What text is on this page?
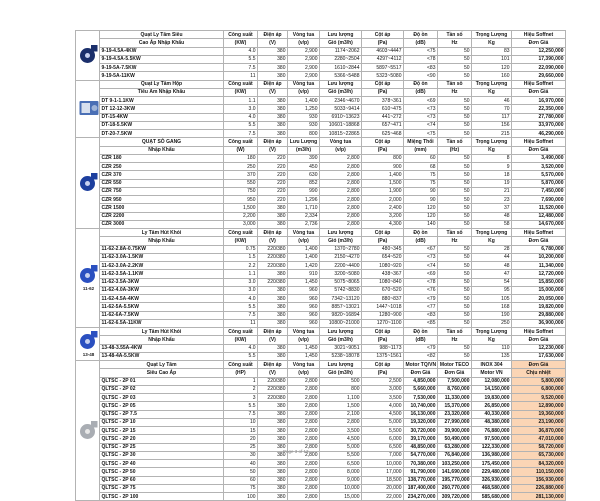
	Quạt Ly Tâm Siêu	Công suất	Điện áp	Vòng tua	Lưu lượng	Cột áp	Độ ồn	Tần số	Trọng Lượng	Hiệu Soffnet
	Cao Áp Nhập Khẩu	(KW)	(V)	(v/p)	Gió (m3/h)	(Pa)	(dB)	Hz	Kg	Đơn Giá
	9-19-4.5A-4KW	4.0	380	2,900	1174~2062	4603~4447	<75	50	83	12,250,000
	9-19-4.5A-5.5KW	5.5	380	2,900	2280~2504	4297~4112	<78	50	101	17,390,000
	9-19-5A-7.5KW	7.5	380	2,900	1610~2844	5897~5517	<83	50	120	22,090,000
	9-19-5A-11KW	11	380	2,900	5366~5488	5323~5080	<90	50	160	29,660,000
	Quạt Ly Tâm Hộp	Công suất	Điện áp	Vòng tua	Lưu lượng	Cột áp	Độ ồn	Tần số	Trọng Lượng	Hiệu Soffnet
	Tiêu Âm Nhập Khẩu	(KW)	(V)	(v/p)	Gió (m3/h)	(Pa)	(dB)	Hz	Kg	Đơn Giá
	DT 9-1-1.1KW	1.1	380	1,400	2346~4670	378~361	<69	50	46	16,970,000
	DT 12-12-3KW	3.0	380	1,250	5033~9414	610~475	<73	50	70	22,350,000
	DT-15-4KW	4.0	380	930	6910~13623	441~272	<73	50	117	27,780,000
	DT-18-5.5KW	5.5	380	930	10601~18868	657~471	<74	50	156	33,970,000
	DT-20-7.5KW	7.5	380	800	10815~22865	625~468	<75	50	215	46,290,000
	QUẠT SÒ GANG	Công suất	Điện áp	Lưu Lượng	Vòng tua	Cột áp	Miệng Thổi	Tần số	Trọng Lượng	Hiệu Soffnet
	Nhập Khẩu	(W)	(V)	(m3/h)	(v/p)	(Pa)	(mm)	(Hz)	Kg	Đơn Giá
	CZR 180	180	220	390	2,800	800	60	50	8	3,490,000
	CZR 250	250	220	450	2,800	900	68	50	9	3,520,000
	CZR 370	370	220	630	2,800	1,400	75	50	18	5,570,000
	CZR 550	550	220	852	2,800	1,500	75	50	19	5,870,000
	CZR 750	750	220	990	2,800	1,900	90	50	21	7,450,000
	CZR 950	950	220	1,296	2,800	2,000	90	50	23	7,690,000
	CZR 1500	1,500	380	1,710	2,800	2,400	120	50	37	11,520,000
	CZR 2200	2,200	380	2,334	2,800	3,200	120	50	48	12,480,000
	CZR 3000	3,000	380	2,736	2,800	4,300	140	50	58	14,670,000

11-62	Ly Tâm Hút Khói	Công suất	Điện áp	Vòng tua	Lưu lượng	Cột áp	Độ ồn	Tần số	Trọng Lượng	Hiệu Soffnet
	Nhập Khẩu	(KW)	(V)	(v/p)	Gió (m3/h)	(Pa)	(dB)	Hz	Kg	Đơn Giá
	11-62-2.8A-0.75KW	0.75	220/380	1,400	1370~2780	480~345	<67	50	28	6,780,000
	11-62-3.0A-1.5KW	1.5	220/380	1,400	2150~4270	654~520	<73	50	44	10,200,000
	11-62-3.0A-2.2KW	2.2	220/380	1,420	2200~4400	1080~920	<74	50	48	11,340,000
	11-62-3.5A-1.1KW	1.1	380	910	3200~5080	438~367	<69	50	47	12,720,000
	11-62-3.5A-3KW	3.0	220/380	1,450	5075~8065	1080~840	<78	50	54	15,850,000
	11-62-4.0A-3KW	3.0	380	960	5742~8830	670~520	<76	50	95	15,000,000
	11-62-4.5A-4KW	4.0	380	960	7342~13120	880~837	<79	50	105	20,050,000
	11-62-5A-5.5KW	5.5	380	960	8857~13021	1447~1018	<77	50	168	19,820,000
	11-62-6A-7.5KW	7.5	380	960	9820~16894	1280~900	<83	50	190	29,880,000
	11-62-6.5A-11KW	11	380	960	10800~21000	1270~1100	<85	50	250	36,900,000

13-48	Ly Tâm Hút Khói	Công suất	Điện áp	Vòng tua	Lưu lượng	Cột áp	Độ ồn	Tần số	Trọng Lượng	Hiệu Soffnet
	Nhập Khẩu	(KW)	(V)	(v/p)	Gió (m3/h)	(Pa)	(dB)	Hz	Kg	Đơn Giá
	13-48-3.55A-4KW	4.0	380	1,450	3021~9051	988~1173	<79	50	110	12,230,000
	13-48-4A-5.5KW	5.5	380	1,450	5238~18078	1375~1561	<82	50	135	17,630,000
	Quạt Ly Tâm	Công suất	Điện áp	Vòng tua	Lưu lượng	Cột áp	Motor TQ/VN	Motor TECO	INOX 304	Đơn Giá
	Siêu Cao Áp	(HP)	(V)	(v/p)	Gió (m3/h)	(Pa)	Đơn Giá	Đơn Giá	Motor VN	Chịu nhiệt
	QLTSC - 2P 01	1	220/380	2,800	500	2,500	4,850,000	7,500,000	12,080,000	5,800,000
	QLTSC - 2P 02	2	220/380	2,800	800	3,000	5,660,000	8,760,000	14,150,000	6,800,000
	QLTSC - 2P 03	3	220/380	2,800	1,100	3,500	7,530,000	11,330,000	19,830,000	9,520,000
	QLTSC - 2P 05	5.5	380	2,800	1,500	4,000	10,740,000	15,370,000	26,850,000	12,890,000
	QLTSC - 2P 7.5	7.5	380	2,800	2,100	4,500	16,130,000	23,320,000	40,330,000	19,360,000
	QLTSC - 2P 10	10	380	2,800	2,800	5,000	19,320,000	27,990,000	48,380,000	23,190,000
	QLTSC - 2P 15	15	380	2,800	3,500	5,500	30,720,000	39,900,000	76,880,000	36,870,000
	QLTSC - 2P 20	20	380	2,800	4,500	6,000	39,170,000	50,490,000	97,500,000	47,010,000
	QLTSC - 2P 25	25	380	2,800	5,000	6,500	48,850,000	63,280,000	122,330,000	58,720,000
	QLTSC - 2P 30	30	380	2,800	5,500	7,000	54,770,000	76,840,000	136,980,000	65,730,000
	QLTSC - 2P 40	40	380	2,800	6,500	10,000	70,380,000	103,250,000	175,450,000	84,320,000
	QLTSC - 2P 50	50	380	2,800	8,000	17,000	91,790,000	141,690,000	229,480,000	110,150,000
	QLTSC - 2P 60	60	380	2,800	9,000	18,500	138,770,000	195,770,000	326,930,000	156,930,000
	QLTSC - 2P 75	75	380	2,800	10,000	20,000	187,400,000	260,770,000	468,580,000	226,880,000
	QLTSC - 2P 100	100	380	2,800	15,000	22,000	234,270,000	309,720,000	585,680,000	281,130,000
Page 3 of 13
